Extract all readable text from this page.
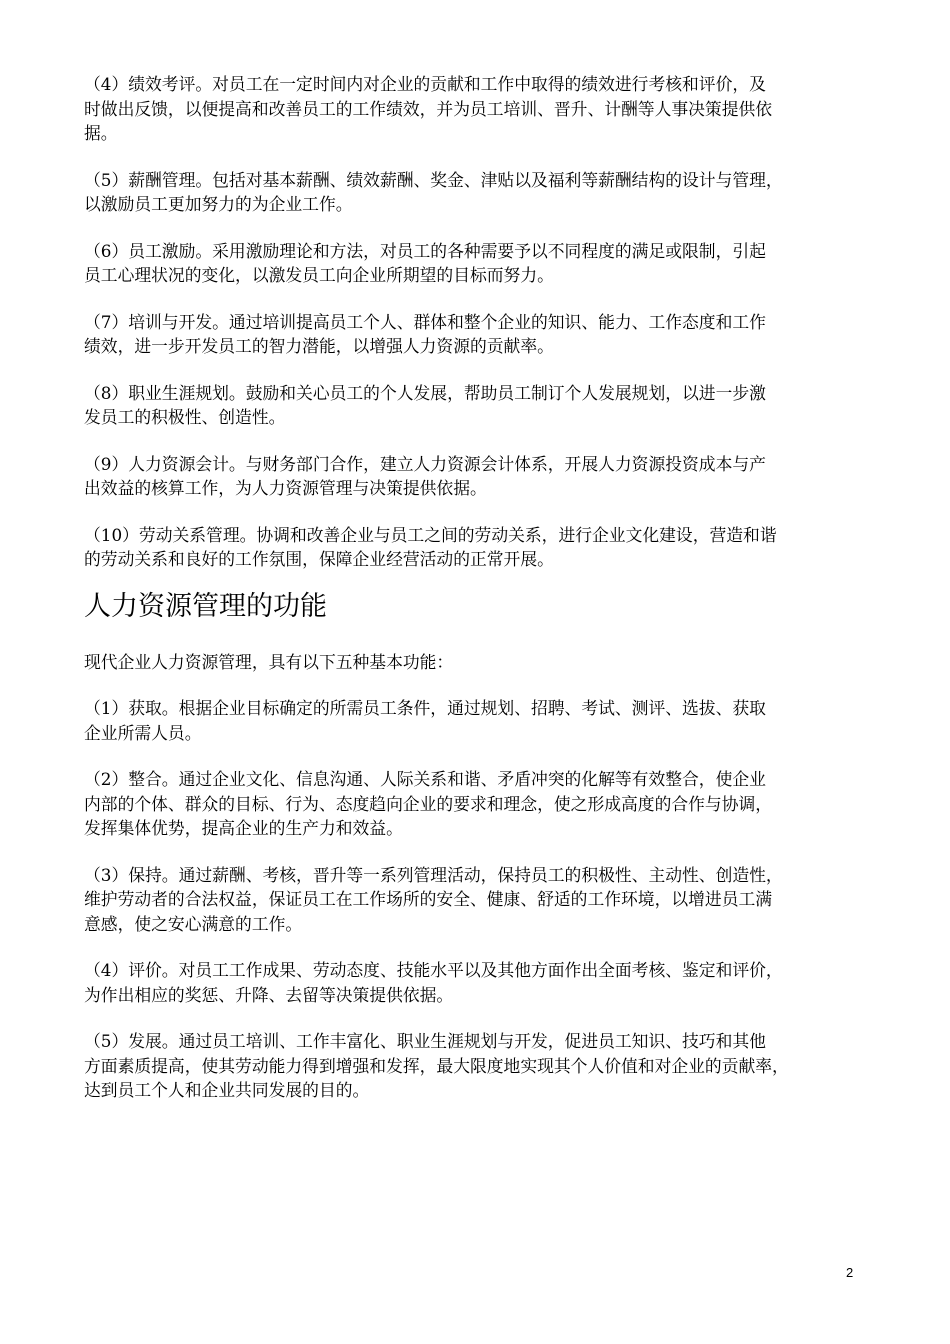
（4）绩效考评。对员工在一定时间内对企业的贡献和工作中取得的绩效进行考核和评价，及
时做出反馈，以便提高和改善员工的工作绩效，并为员工培训、晋升、计酬等人事决策提供依
据。

（5）薪酬管理。包括对基本薪酬、绩效薪酬、奖金、津贴以及福利等薪酬结构的设计与管理，
以激励员工更加努力的为企业工作。

（6）员工激励。采用激励理论和方法，对员工的各种需要予以不同程度的满足或限制，引起
员工心理状况的变化，以激发员工向企业所期望的目标而努力。

（7）培训与开发。通过培训提高员工个人、群体和整个企业的知识、能力、工作态度和工作
绩效，进一步开发员工的智力潜能，以增强人力资源的贡献率。

（8）职业生涯规划。鼓励和关心员工的个人发展，帮助员工制订个人发展规划，以进一步激
发员工的积极性、创造性。

（9）人力资源会计。与财务部门合作，建立人力资源会计体系，开展人力资源投资成本与产
出效益的核算工作，为人力资源管理与决策提供依据。

（10）劳动关系管理。协调和改善企业与员工之间的劳动关系，进行企业文化建设，营造和谐
的劳动关系和良好的工作氛围，保障企业经营活动的正常开展。

人力资源管理的功能

现代企业人力资源管理，具有以下五种基本功能：

（1）获取。根据企业目标确定的所需员工条件，通过规划、招聘、考试、测评、选拔、获取
企业所需人员。

（2）整合。通过企业文化、信息沟通、人际关系和谐、矛盾冲突的化解等有效整合，使企业
内部的个体、群众的目标、行为、态度趋向企业的要求和理念，使之形成高度的合作与协调，
发挥集体优势，提高企业的生产力和效益。

（3）保持。通过薪酬、考核，晋升等一系列管理活动，保持员工的积极性、主动性、创造性，
维护劳动者的合法权益，保证员工在工作场所的安全、健康、舒适的工作环境，以增进员工满
意感，使之安心满意的工作。

（4）评价。对员工工作成果、劳动态度、技能水平以及其他方面作出全面考核、鉴定和评价，
为作出相应的奖惩、升降、去留等决策提供依据。

（5）发展。通过员工培训、工作丰富化、职业生涯规划与开发，促进员工知识、技巧和其他
方面素质提高，使其劳动能力得到增强和发挥，最大限度地实现其个人价值和对企业的贡献率，
达到员工个人和企业共同发展的目的。

2
